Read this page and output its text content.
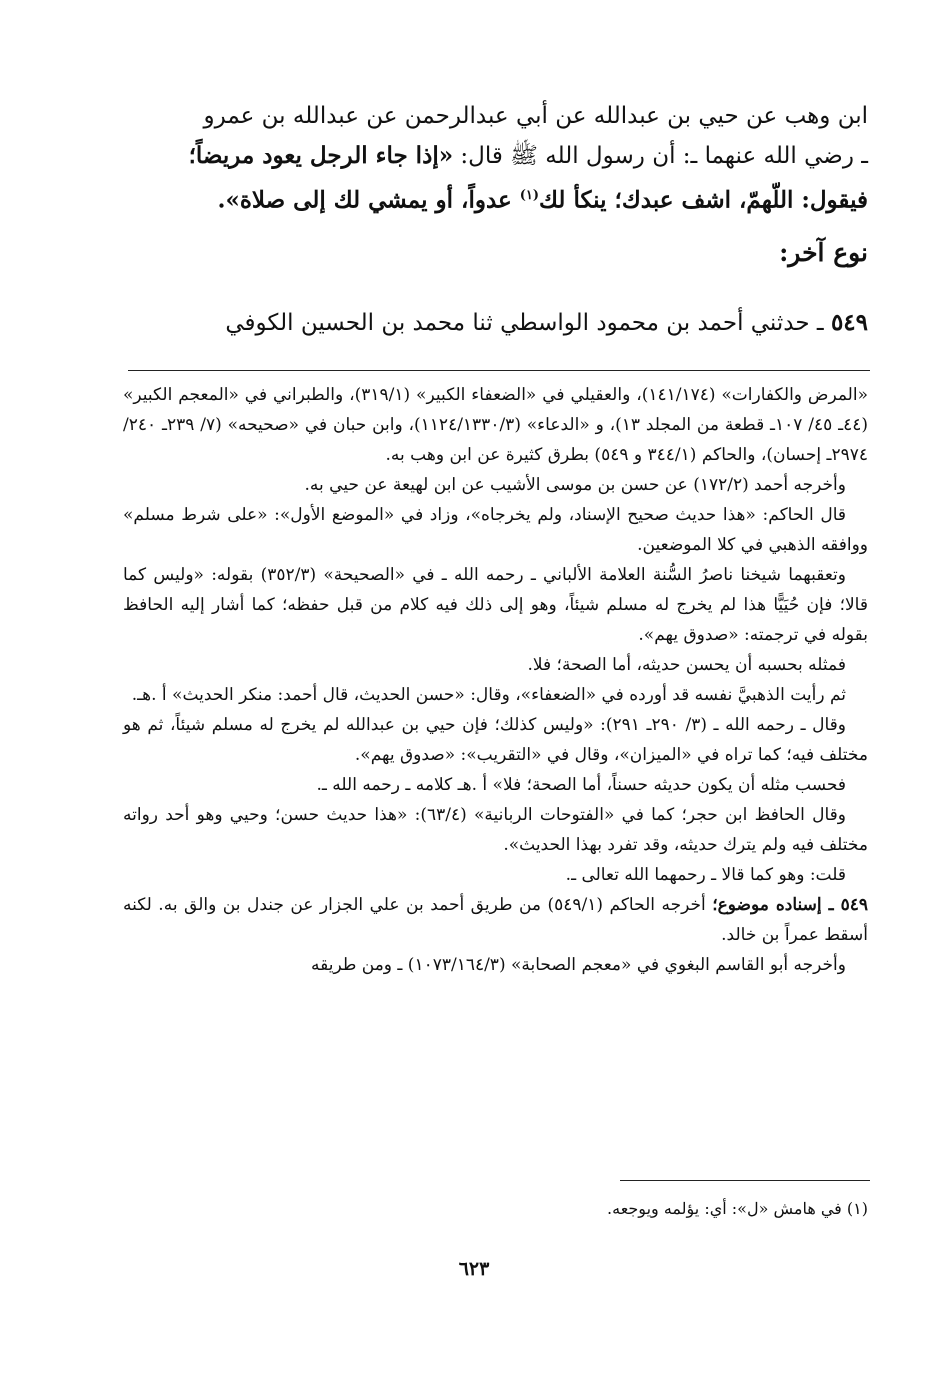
ابن وهب عن حيي بن عبدالله عن أبي عبدالرحمن عن عبدالله بن عمرو

ـ رضي الله عنهما ـ: أن رسول الله ﷺ قال: «إذا جاء الرجل يعود مريضاً؛

فيقول: اللّهمّ، اشف عبدك؛ ينكأ لك$^{(١)}$ عدواً، أو يمشي لك إلى صلاة».

نوع آخر:
٥٤٩ ـ حدثني أحمد بن محمود الواسطي ثنا محمد بن الحسين الكوفي

«المرض والكفارات» (١٤١/١٧٤)، والعقيلي في «الضعفاء الكبير» (٣١٩/١)، والطبراني في «المعجم الكبير» (٤٤ـ ٤٥/ ١٠٧ـ قطعة من المجلد ١٣)، و «الدعاء» (١١٢٤/١٣٣٠/٣)، وابن حبان في «صحيحه» (٧/ ٢٣٩ـ ٢٤٠/ ٢٩٧٤ـ إحسان)، والحاكم (٣٤٤/١ و ٥٤٩) بطرق كثيرة عن ابن وهب به.

وأخرجه أحمد (١٧٢/٢) عن حسن بن موسى الأشيب عن ابن لهيعة عن حيي به.

قال الحاكم: «هذا حديث صحيح الإسناد، ولم يخرجاه»، وزاد في «الموضع الأول»: «على شرط مسلم» ووافقه الذهبي في كلا الموضعين.

وتعقبهما شيخنا ناصرُ السُّنة العلامة الألباني ـ رحمه الله ـ في «الصحيحة» (٣٥٢/٣) بقوله: «وليس كما قالا؛ فإن حُيَيًّا هذا لم يخرج له مسلم شيئاً، وهو إلى ذلك فيه كلام من قبل حفظه؛ كما أشار إليه الحافظ بقوله في ترجمته: «صدوق يهم».

فمثله بحسبه أن يحسن حديثه، أما الصحة؛ فلا.

ثم رأيت الذهبيَّ نفسه قد أورده في «الضعفاء»، وقال: «حسن الحديث، قال أحمد: منكر الحديث» أ .هـ.

وقال ـ رحمه الله ـ (٣/ ٢٩٠ـ ٢٩١): «وليس كذلك؛ فإن حيي بن عبدالله لم يخرج له مسلم شيئاً، ثم هو مختلف فيه؛ كما تراه في «الميزان»، وقال في «التقريب»: «صدوق يهم».

فحسب مثله أن يكون حديثه حسناً، أما الصحة؛ فلا» أ .هـ كلامه ـ رحمه الله ـ.

وقال الحافظ ابن حجر؛ كما في «الفتوحات الربانية» (٦٣/٤): «هذا حديث حسن؛ وحيي وهو أحد رواته مختلف فيه ولم يترك حديثه، وقد تفرد بهذا الحديث».

قلت: وهو كما قالا ـ رحمهما الله تعالى ـ.

٥٤٩ ـ إسناده موضوع؛ أخرجه الحاكم (٥٤٩/١) من طريق أحمد بن علي الجزار عن جندل بن والق به. لكنه أسقط عمراً بن خالد.

وأخرجه أبو القاسم البغوي في «معجم الصحابة» (١٠٧٣/١٦٤/٣) ـ ومن طريقه

(١) في هامش «ل»: أي: يؤلمه ويوجعه.
٦٢٣
